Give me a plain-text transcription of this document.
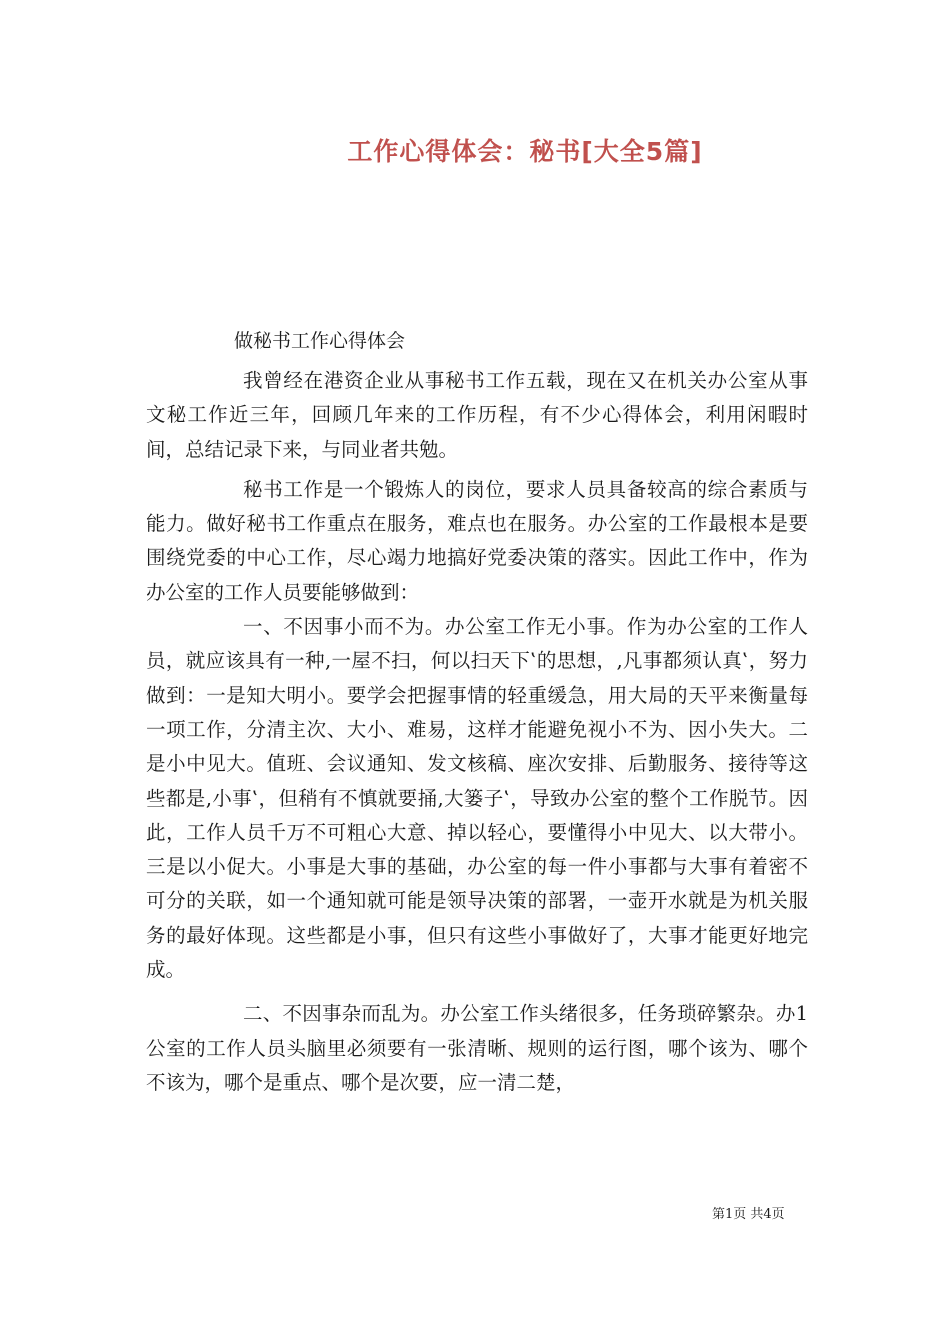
工作心得体会：秘书[大全5篇]

做秘书工作心得体会

我曾经在港资企业从事秘书工作五载，现在又在机关办公室从事文秘工作近三年，回顾几年来的工作历程，有不少心得体会，利用闲暇时间，总结记录下来，与同业者共勉。

秘书工作是一个锻炼人的岗位，要求人员具备较高的综合素质与能力。做好秘书工作重点在服务，难点也在服务。办公室的工作最根本是要围绕党委的中心工作，尽心竭力地搞好党委决策的落实。因此工作中，作为办公室的工作人员要能够做到：

一、不因事小而不为。办公室工作无小事。作为办公室的工作人员，就应该具有一种‚一屋不扫，何以扫天下‛的思想，‚凡事都须认真‛，努力做到：一是知大明小。要学会把握事情的轻重缓急，用大局的天平来衡量每一项工作，分清主次、大小、难易，这样才能避免视小不为、因小失大。二是小中见大。值班、会议通知、发文核稿、座次安排、后勤服务、接待等这些都是‚小事‛，但稍有不慎就要捅‚大篓子‛，导致办公室的整个工作脱节。因此，工作人员千万不可粗心大意、掉以轻心，要懂得小中见大、以大带小。三是以小促大。小事是大事的基础，办公室的每一件小事都与大事有着密不可分的关联，如一个通知就可能是领导决策的部署，一壶开水就是为机关服务的最好体现。这些都是小事，但只有这些小事做好了，大事才能更好地完成。

二、不因事杂而乱为。办公室工作头绪很多，任务琐碎繁杂。办1公室的工作人员头脑里必须要有一张清晰、规则的运行图，哪个该为、哪个不该为，哪个是重点、哪个是次要，应一清二楚，

第1页 共4页
